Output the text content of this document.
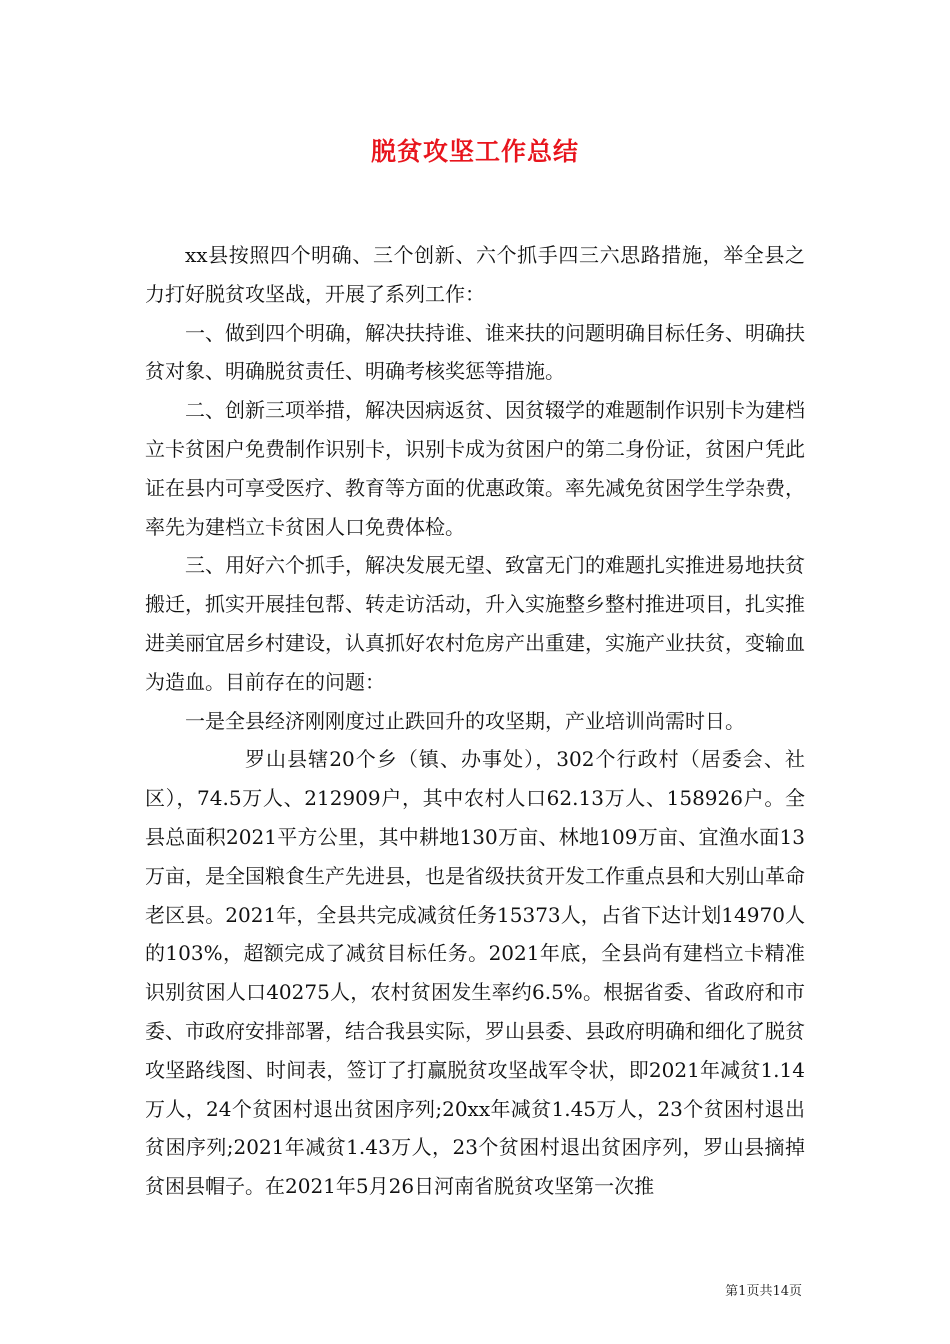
脱贫攻坚工作总结

xx县按照四个明确、三个创新、六个抓手四三六思路措施，举全县之力打好脱贫攻坚战，开展了系列工作：

一、做到四个明确，解决扶持谁、谁来扶的问题明确目标任务、明确扶贫对象、明确脱贫责任、明确考核奖惩等措施。

二、创新三项举措，解决因病返贫、因贫辍学的难题制作识别卡为建档立卡贫困户免费制作识别卡，识别卡成为贫困户的第二身份证，贫困户凭此证在县内可享受医疗、教育等方面的优惠政策。率先减免贫困学生学杂费，率先为建档立卡贫困人口免费体检。

三、用好六个抓手，解决发展无望、致富无门的难题扎实推进易地扶贫搬迁，抓实开展挂包帮、转走访活动，升入实施整乡整村推进项目，扎实推进美丽宜居乡村建设，认真抓好农村危房产出重建，实施产业扶贫，变输血为造血。目前存在的问题：

一是全县经济刚刚度过止跌回升的攻坚期，产业培训尚需时日。

罗山县辖20个乡（镇、办事处），302个行政村（居委会、社区），74.5万人、212909户，其中农村人口62.13万人、158926户。全县总面积2021平方公里，其中耕地130万亩、林地109万亩、宜渔水面13万亩，是全国粮食生产先进县，也是省级扶贫开发工作重点县和大别山革命老区县。2021年，全县共完成减贫任务15373人，占省下达计划14970人的103%，超额完成了减贫目标任务。2021年底，全县尚有建档立卡精准识别贫困人口40275人，农村贫困发生率约6.5%。根据省委、省政府和市委、市政府安排部署，结合我县实际，罗山县委、县政府明确和细化了脱贫攻坚路线图、时间表，签订了打赢脱贫攻坚战军令状，即2021年减贫1.14万人，24个贫困村退出贫困序列;20xx年减贫1.45万人，23个贫困村退出贫困序列;2021年减贫1.43万人，23个贫困村退出贫困序列，罗山县摘掉贫困县帽子。在2021年5月26日河南省脱贫攻坚第一次推

第1页共14页
